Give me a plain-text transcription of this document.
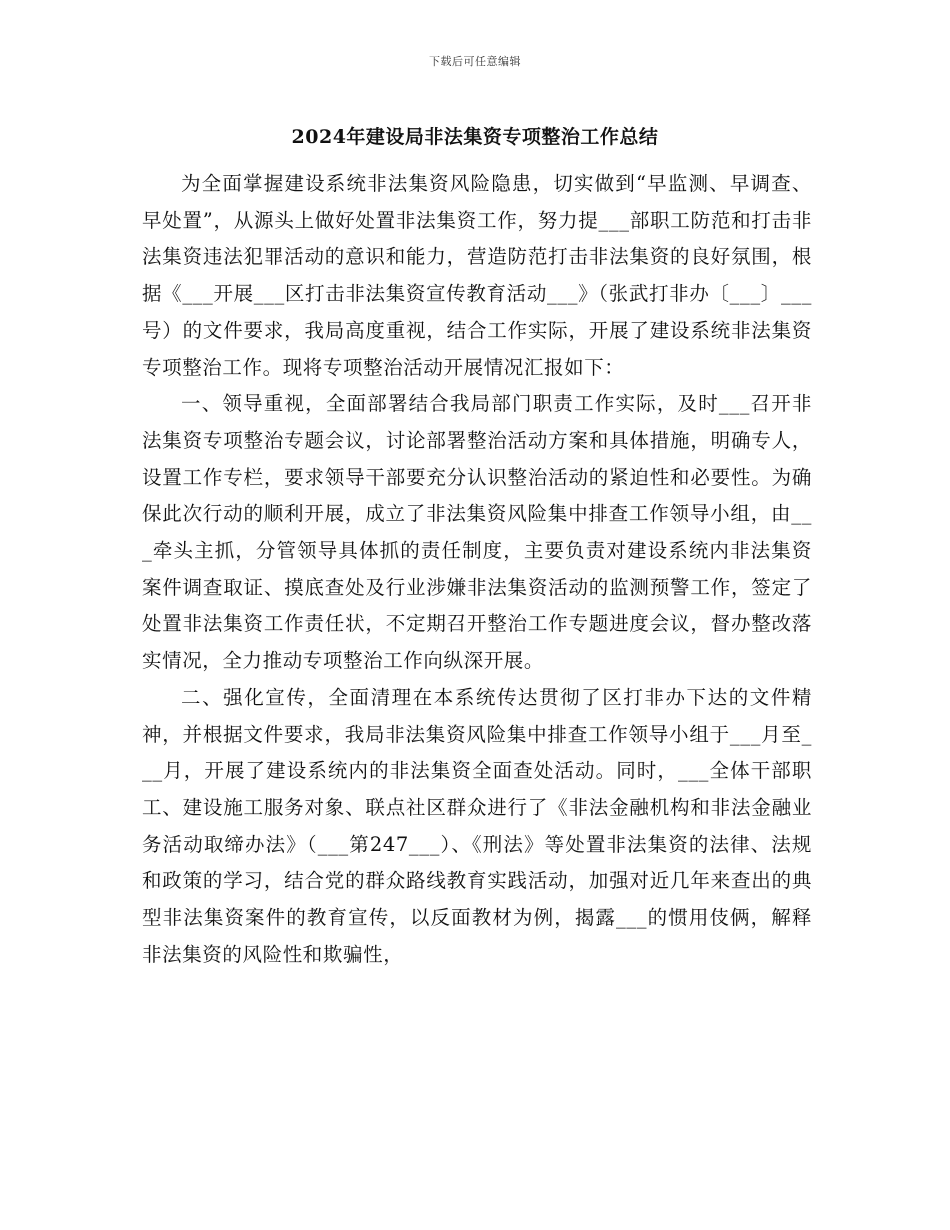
下载后可任意编辑
2024年建设局非法集资专项整治工作总结

为全面掌握建设系统非法集资风险隐患，切实做到“早监测、早调查、早处置”，从源头上做好处置非法集资工作，努力提___部职工防范和打击非法集资违法犯罪活动的意识和能力，营造防范打击非法集资的良好氛围，根据《___开展___区打击非法集资宣传教育活动___》（张武打非办〔___〕___号）的文件要求，我局高度重视，结合工作实际，开展了建设系统非法集资专项整治工作。现将专项整治活动开展情况汇报如下：

一、领导重视，全面部署结合我局部门职责工作实际，及时___召开非法集资专项整治专题会议，讨论部署整治活动方案和具体措施，明确专人，设置工作专栏，要求领导干部要充分认识整治活动的紧迫性和必要性。为确保此次行动的顺利开展，成立了非法集资风险集中排查工作领导小组，由___牵头主抓，分管领导具体抓的责任制度，主要负责对建设系统内非法集资案件调查取证、摸底查处及行业涉嫌非法集资活动的监测预警工作，签定了处置非法集资工作责任状，不定期召开整治工作专题进度会议，督办整改落实情况，全力推动专项整治工作向纵深开展。

二、强化宣传，全面清理在本系统传达贯彻了区打非办下达的文件精神，并根据文件要求，我局非法集资风险集中排查工作领导小组于___月至___月，开展了建设系统内的非法集资全面查处活动。同时，___全体干部职工、建设施工服务对象、联点社区群众进行了《非法金融机构和非法金融业务活动取缔办法》（___第247___）、《刑法》等处置非法集资的法律、法规和政策的学习，结合党的群众路线教育实践活动，加强对近几年来查出的典型非法集资案件的教育宣传，以反面教材为例，揭露___的惯用伎俩，解释非法集资的风险性和欺骗性，
